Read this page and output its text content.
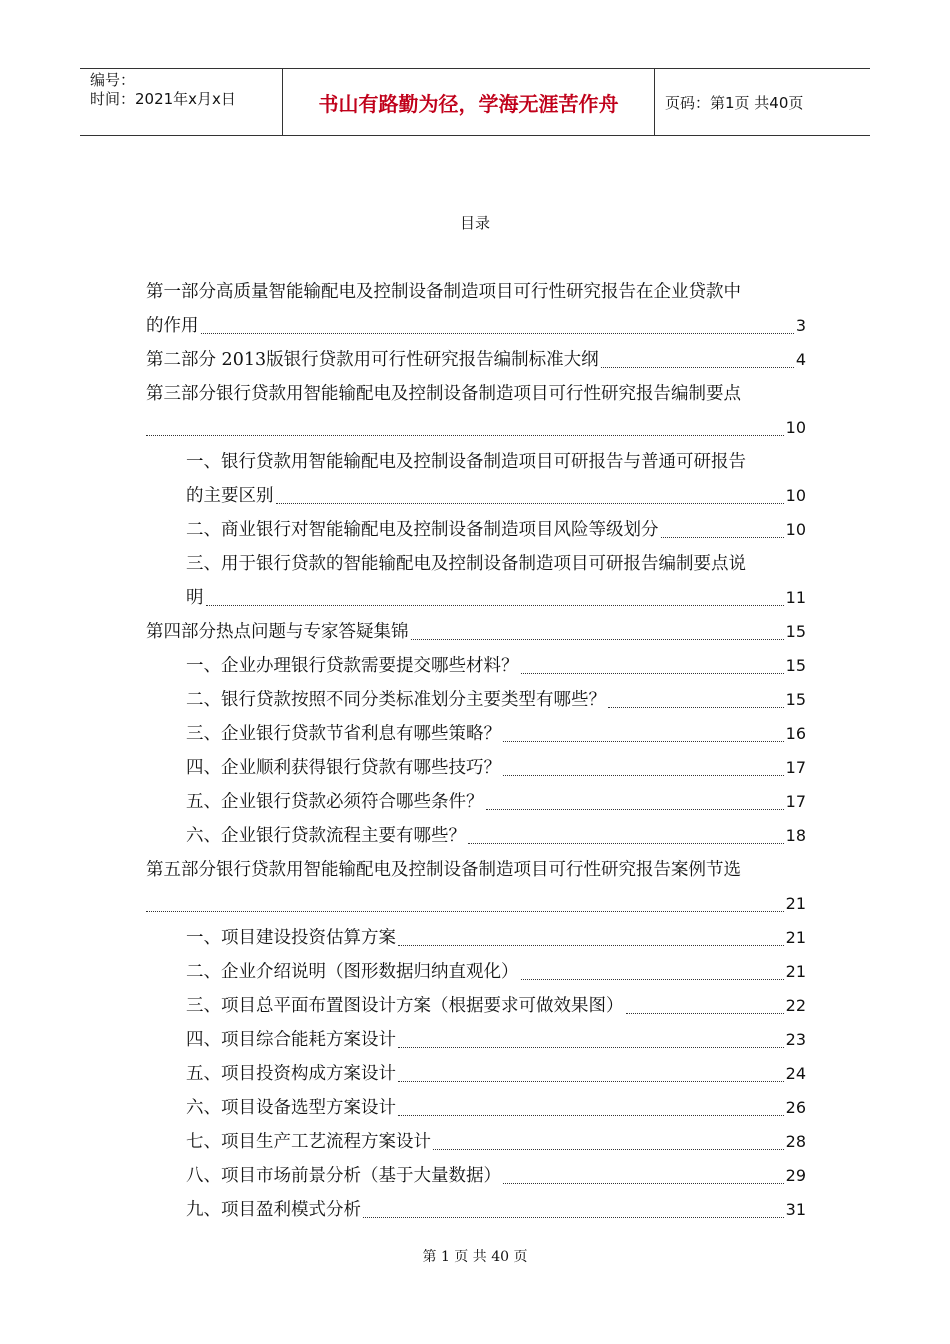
编号：
时间：2021年x月x日	书山有路勤为径，学海无涯苦作舟	页码：第1页 共40页
目录
第一部分高质量智能输配电及控制设备制造项目可行性研究报告在企业贷款中
的作用	3
第二部分 2013版银行贷款用可行性研究报告编制标准大纲	4
第三部分银行贷款用智能输配电及控制设备制造项目可行性研究报告编制要点
10
一、银行贷款用智能输配电及控制设备制造项目可研报告与普通可研报告
的主要区别	10
二、商业银行对智能输配电及控制设备制造项目风险等级划分	10
三、用于银行贷款的智能输配电及控制设备制造项目可研报告编制要点说
明	11
第四部分热点问题与专家答疑集锦	15
一、企业办理银行贷款需要提交哪些材料？	15
二、银行贷款按照不同分类标准划分主要类型有哪些？	15
三、企业银行贷款节省利息有哪些策略？	16
四、企业顺利获得银行贷款有哪些技巧？	17
五、企业银行贷款必须符合哪些条件？	17
六、企业银行贷款流程主要有哪些？	18
第五部分银行贷款用智能输配电及控制设备制造项目可行性研究报告案例节选
21
一、项目建设投资估算方案	21
二、企业介绍说明（图形数据归纳直观化）	21
三、项目总平面布置图设计方案（根据要求可做效果图）	22
四、项目综合能耗方案设计	23
五、项目投资构成方案设计	24
六、项目设备选型方案设计	26
七、项目生产工艺流程方案设计	28
八、项目市场前景分析（基于大量数据）	29
九、项目盈利模式分析	31
第 1 页 共 40 页
